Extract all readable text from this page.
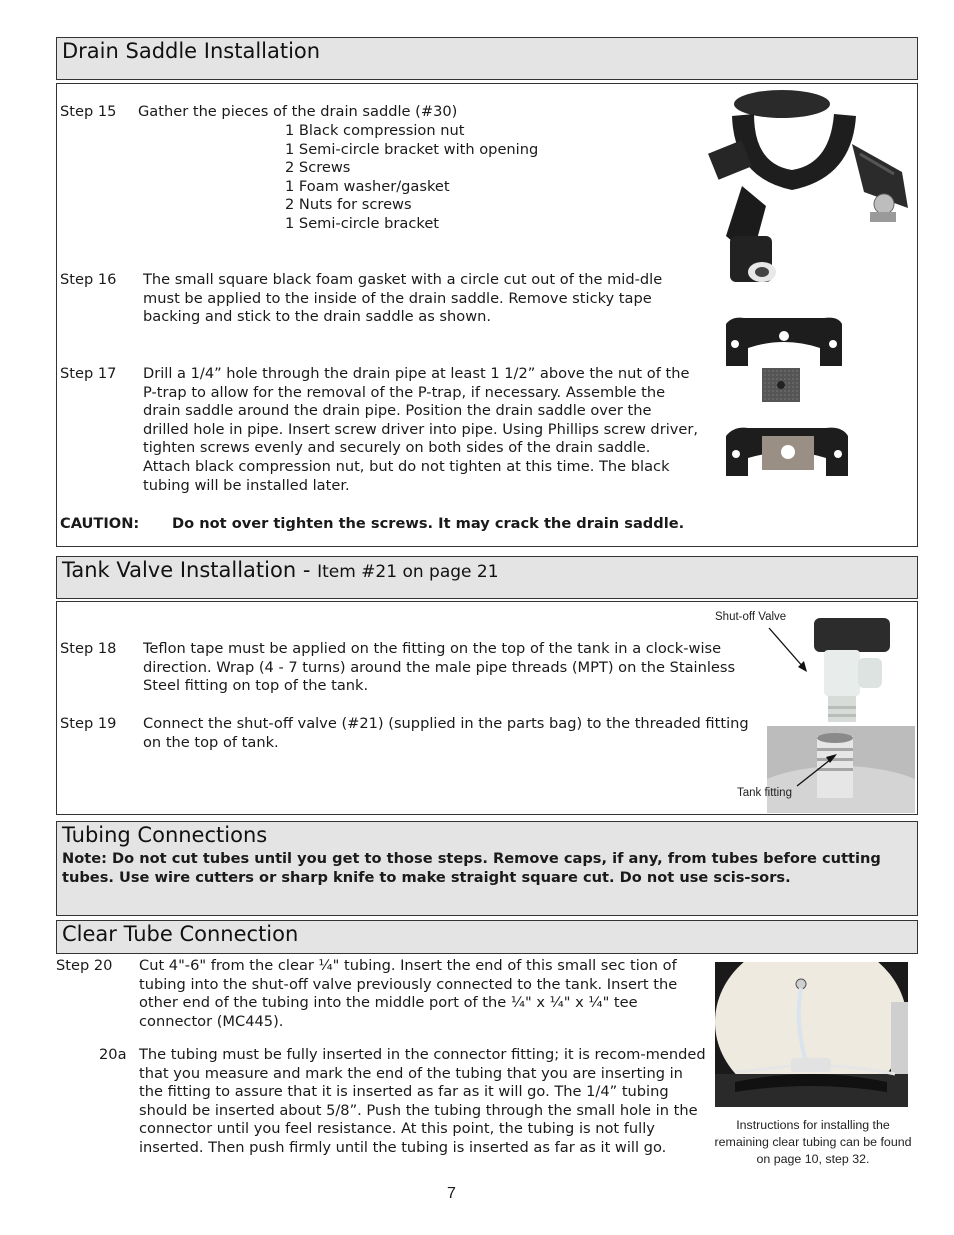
Drain Saddle Installation
Step 15 Gather the pieces of the drain saddle (#30)
1 Black compression nut
1 Semi-circle bracket with opening
2 Screws
1 Foam washer/gasket
2 Nuts for screws
1 Semi-circle bracket
Step 16 The small square black foam gasket with a circle cut out of the mid-dle must be applied to the inside of the drain saddle. Remove sticky tape backing and stick to the drain saddle as shown.
Step 17 Drill a 1/4” hole through the drain pipe at least 1 1/2” above the nut of the P-trap to allow for the removal of the P-trap, if necessary. Assemble the drain saddle around the drain pipe. Position the drain saddle over the drilled hole in pipe. Insert screw driver into pipe. Using Phillips screw driver, tighten screws evenly and securely on both sides of the drain saddle. Attach black compression nut, but do not tighten at this time. The black tubing will be installed later.
CAUTION: Do not over tighten the screws. It may crack the drain saddle.
Tank Valve Installation - Item #21 on page 21
Step 18 Teflon tape must be applied on the fitting on the top of the tank in a clock-wise direction. Wrap (4 - 7 turns) around the male pipe threads (MPT) on the Stainless Steel fitting on top of the tank.
Step 19 Connect the shut-off valve (#21) (supplied in the parts bag) to the threaded fitting on the top of tank.
Shut-off Valve
Tank fitting
Tubing Connections
Note: Do not cut tubes until you get to those steps. Remove caps, if any, from tubes before cutting tubes. Use wire cutters or sharp knife to make straight square cut. Do not use scis-sors.
Clear Tube Connection
Step 20 Cut 4"-6" from the clear ¼" tubing. Insert the end of this small sec tion of tubing into the shut-off valve previously connected to the tank. Insert the other end of the tubing into the middle port of the ¼" x ¼" x ¼" tee connector (MC445).
20a The tubing must be fully inserted in the connector fitting; it is recom-mended that you measure and mark the end of the tubing that you are inserting in the fitting to assure that it is inserted as far as it will go. The 1/4” tubing should be inserted about 5/8”. Push the tubing through the small hole in the connector until you feel resistance. At this point, the tubing is not fully inserted. Then push firmly until the tubing is inserted as far as it will go.
Instructions for installing the remaining clear tubing can be found on page 10, step 32.
7
